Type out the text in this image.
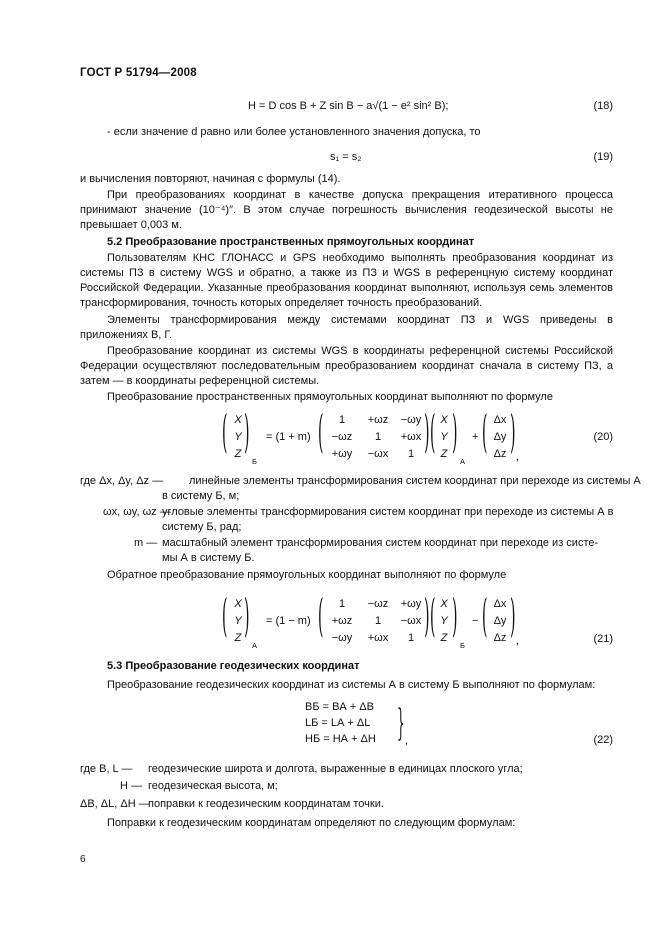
ГОСТ Р 51794—2008
H = D cos B + Z sin B − a√(1 − e² sin² B);	(18)
- если значение d равно или более установленного значения допуска, то
s₁ = s₂	(19)
и вычисления повторяют, начиная с формулы (14).
При преобразованиях координат в качестве допуска прекращения итеративного процесса принимают значение (10⁻⁴)″. В этом случае погрешность вычисления геодезической высоты не превышает 0,003 м.
5.2 Преобразование пространственных прямоугольных координат
Пользователям КНС ГЛОНАСС и GPS необходимо выполнять преобразования координат из системы ПЗ в систему WGS и обратно, а также из ПЗ и WGS в референцную систему координат Российской Федерации. Указанные преобразования координат выполняют, используя семь элементов трансформирования, точность которых определяет точность преобразований.
Элементы трансформирования между системами координат ПЗ и WGS приведены в приложениях В, Г.
Преобразование координат из системы WGS в координаты референцной системы Российской Федерации осуществляют последовательным преобразованием координат сначала в систему ПЗ, а затем — в координаты референцной системы.
Преобразование пространственных прямоугольных координат выполняют по формуле
( X
Y
Z )
Б
= (1 + m) (	1	+ωz	−ωy
−ωz	1	+ωx
+ωy	−ωx	1 ) ( X
Y
Z )
А
+ ( Δx
Δy
Δz ) ,
(20)
где Δx, Δy, Δz — линейные элементы трансформирования систем координат при переходе из системы А
в систему Б, м;
ωx, ωy, ωz —
угловые элементы трансформирования систем координат при переходе из системы А в
систему Б, рад;
m — масштабный элемент трансформирования систем координат при переходе из систе-
мы А в систему Б.
Обратное преобразование прямоугольных координат выполняют по формуле
( X
Y
Z )
А
= (1 − m) (	1	−ωz	+ωy
+ωz	1	−ωx
−ωy	+ωx	1 ) ( X
Y
Z )
Б
− ( Δx
Δy
Δz ) ,	(21)
5.3 Преобразование геодезических координат
Преобразование геодезических координат из системы А в систему Б выполняют по формулам:
BБ = BА + ΔB
LБ = LА + ΔL
HБ = HА + ΔH } ,	(22)
где B, L — геодезические широта и долгота, выраженные в единицах плоского угла;
H — геодезическая высота, м;
ΔB, ΔL, ΔH —
поправки к геодезическим координатам точки.
Поправки к геодезическим координатам определяют по следующим формулам:
6
